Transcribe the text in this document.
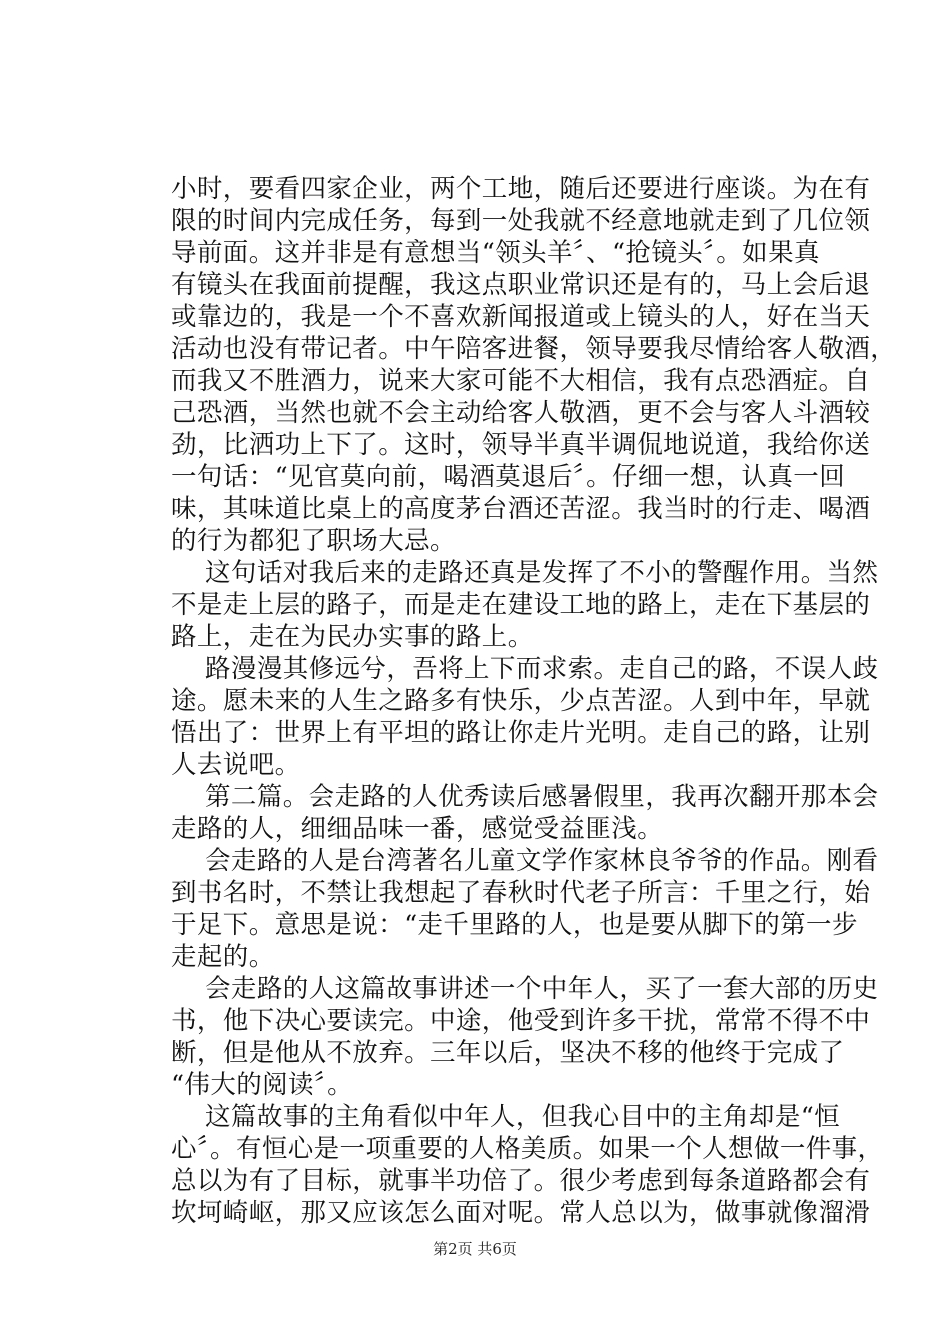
小时，要看四家企业，两个工地，随后还要进行座谈。为在有
限的时间内完成任务，每到一处我就不经意地就走到了几位领
导前面。这并非是有意想当“领头羊〞、“抢镜头〞。如果真
有镜头在我面前提醒，我这点职业常识还是有的，马上会后退
或靠边的，我是一个不喜欢新闻报道或上镜头的人，好在当天
活动也没有带记者。中午陪客进餐，领导要我尽情给客人敬酒，
而我又不胜酒力，说来大家可能不大相信，我有点恐酒症。自
己恐酒，当然也就不会主动给客人敬酒，更不会与客人斗酒较
劲，比洒功上下了。这时，领导半真半调侃地说道，我给你送
一句话：“见官莫向前，喝酒莫退后〞。仔细一想，认真一回
味，其味道比桌上的高度茅台酒还苦涩。我当时的行走、喝酒
的行为都犯了职场大忌。
这句话对我后来的走路还真是发挥了不小的警醒作用。当然
不是走上层的路子，而是走在建设工地的路上，走在下基层的
路上，走在为民办实事的路上。
路漫漫其修远兮，吾将上下而求索。走自己的路，不误人歧
途。愿未来的人生之路多有快乐，少点苦涩。人到中年，早就
悟出了：世界上有平坦的路让你走片光明。走自己的路，让别
人去说吧。
第二篇。会走路的人优秀读后感暑假里，我再次翻开那本会
走路的人，细细品味一番，感觉受益匪浅。
会走路的人是台湾著名儿童文学作家林良爷爷的作品。刚看
到书名时，不禁让我想起了春秋时代老子所言：千里之行，始
于足下。意思是说：“走千里路的人，也是要从脚下的第一步
走起的。
会走路的人这篇故事讲述一个中年人，买了一套大部的历史
书，他下决心要读完。中途，他受到许多干扰，常常不得不中
断，但是他从不放弃。三年以后，坚决不移的他终于完成了
“伟大的阅读〞。
这篇故事的主角看似中年人，但我心目中的主角却是“恒
心〞。有恒心是一项重要的人格美质。如果一个人想做一件事，
总以为有了目标，就事半功倍了。很少考虑到每条道路都会有
坎坷崎岖，那又应该怎么面对呢。常人总以为，做事就像溜滑
第2页 共6页
